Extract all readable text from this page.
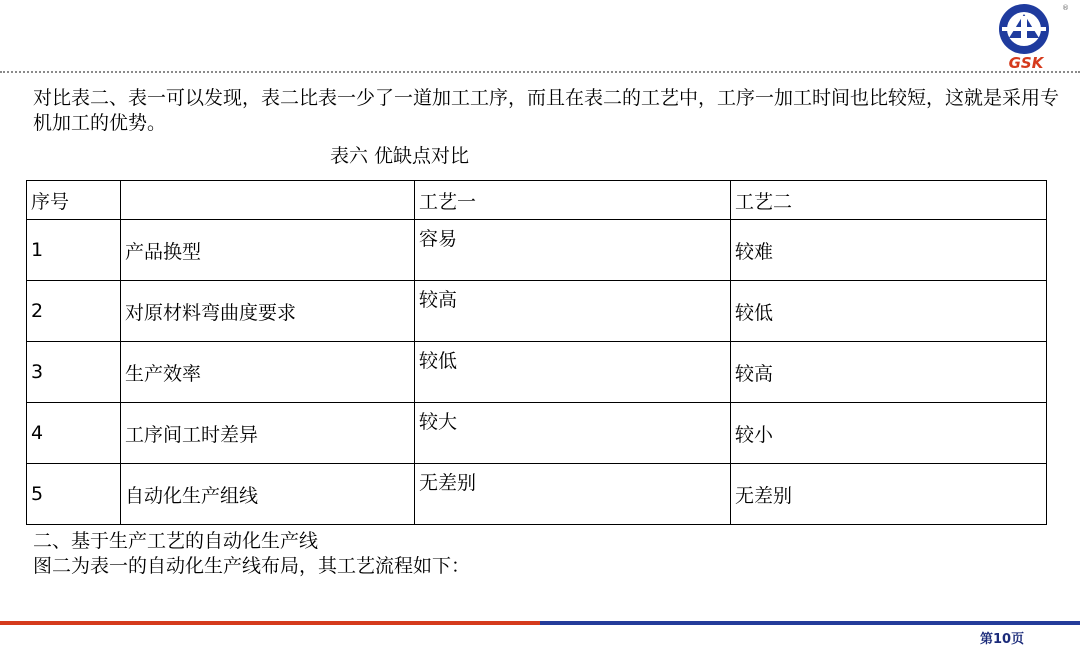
GSK
®
对比表二、表一可以发现，表二比表一少了一道加工工序，而且在表二的工艺中，工序一加工时间也比较短，这就是采用专机加工的优势。
表六 优缺点对比
序号		工艺一	工艺二
1	产品换型	容易	较难
2	对原材料弯曲度要求	较高	较低
3	生产效率	较低	较高
4	工序间工时差异	较大	较小
5	自动化生产组线	无差别	无差别
二、基于生产工艺的自动化生产线
图二为表一的自动化生产线布局，其工艺流程如下：
第10页
